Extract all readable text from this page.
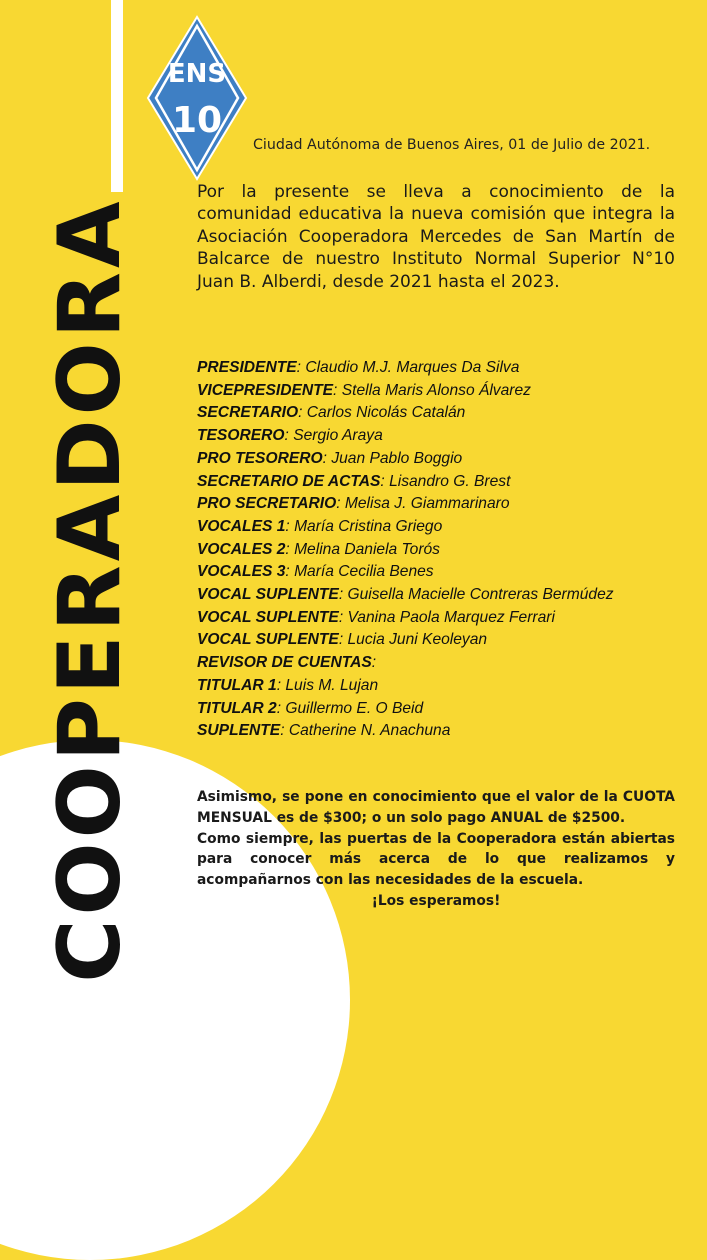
ENS
10
COOPERADORA
Ciudad Autónoma de Buenos Aires, 01 de Julio de 2021.
Por la presente se lleva a conocimiento de la comunidad educativa la nueva comisión que integra la Asociación Cooperadora Mercedes de San Martín de Balcarce de nuestro Instituto Normal Superior N°10 Juan B. Alberdi, desde 2021 hasta el 2023.
PRESIDENTE: Claudio M.J. Marques Da Silva
VICEPRESIDENTE: Stella Maris Alonso Álvarez
SECRETARIO: Carlos Nicolás Catalán
TESORERO: Sergio Araya
PRO TESORERO: Juan Pablo Boggio
SECRETARIO DE ACTAS: Lisandro G. Brest
PRO SECRETARIO: Melisa J. Giammarinaro
VOCALES 1: María Cristina Griego
VOCALES 2: Melina Daniela Torós
VOCALES 3: María Cecilia Benes
VOCAL SUPLENTE: Guisella Macielle Contreras Bermúdez
VOCAL SUPLENTE: Vanina Paola Marquez Ferrari
VOCAL SUPLENTE: Lucia Juni Keoleyan
REVISOR DE CUENTAS:
TITULAR 1: Luis M. Lujan
TITULAR 2: Guillermo E. O Beid
SUPLENTE: Catherine N. Anachuna

Asimismo, se pone en conocimiento que el valor de la CUOTA MENSUAL es de $300; o un solo pago ANUAL de $2500.

Como siempre, las puertas de la Cooperadora están abiertas para conocer más acerca de lo que realizamos y acompañarnos con las necesidades de la escuela.

¡Los esperamos!
